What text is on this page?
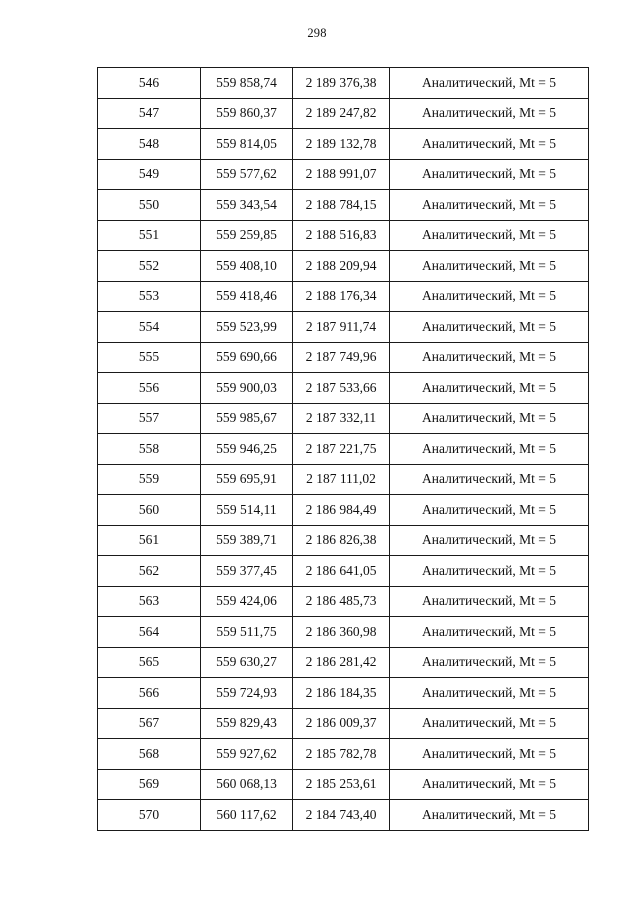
298
546	559 858,74	2 189 376,38	Аналитический, Mt = 5
547	559 860,37	2 189 247,82	Аналитический, Mt = 5
548	559 814,05	2 189 132,78	Аналитический, Mt = 5
549	559 577,62	2 188 991,07	Аналитический, Mt = 5
550	559 343,54	2 188 784,15	Аналитический, Mt = 5
551	559 259,85	2 188 516,83	Аналитический, Mt = 5
552	559 408,10	2 188 209,94	Аналитический, Mt = 5
553	559 418,46	2 188 176,34	Аналитический, Mt = 5
554	559 523,99	2 187 911,74	Аналитический, Mt = 5
555	559 690,66	2 187 749,96	Аналитический, Mt = 5
556	559 900,03	2 187 533,66	Аналитический, Mt = 5
557	559 985,67	2 187 332,11	Аналитический, Mt = 5
558	559 946,25	2 187 221,75	Аналитический, Mt = 5
559	559 695,91	2 187 111,02	Аналитический, Mt = 5
560	559 514,11	2 186 984,49	Аналитический, Mt = 5
561	559 389,71	2 186 826,38	Аналитический, Mt = 5
562	559 377,45	2 186 641,05	Аналитический, Mt = 5
563	559 424,06	2 186 485,73	Аналитический, Mt = 5
564	559 511,75	2 186 360,98	Аналитический, Mt = 5
565	559 630,27	2 186 281,42	Аналитический, Mt = 5
566	559 724,93	2 186 184,35	Аналитический, Mt = 5
567	559 829,43	2 186 009,37	Аналитический, Mt = 5
568	559 927,62	2 185 782,78	Аналитический, Mt = 5
569	560 068,13	2 185 253,61	Аналитический, Mt = 5
570	560 117,62	2 184 743,40	Аналитический, Mt = 5
